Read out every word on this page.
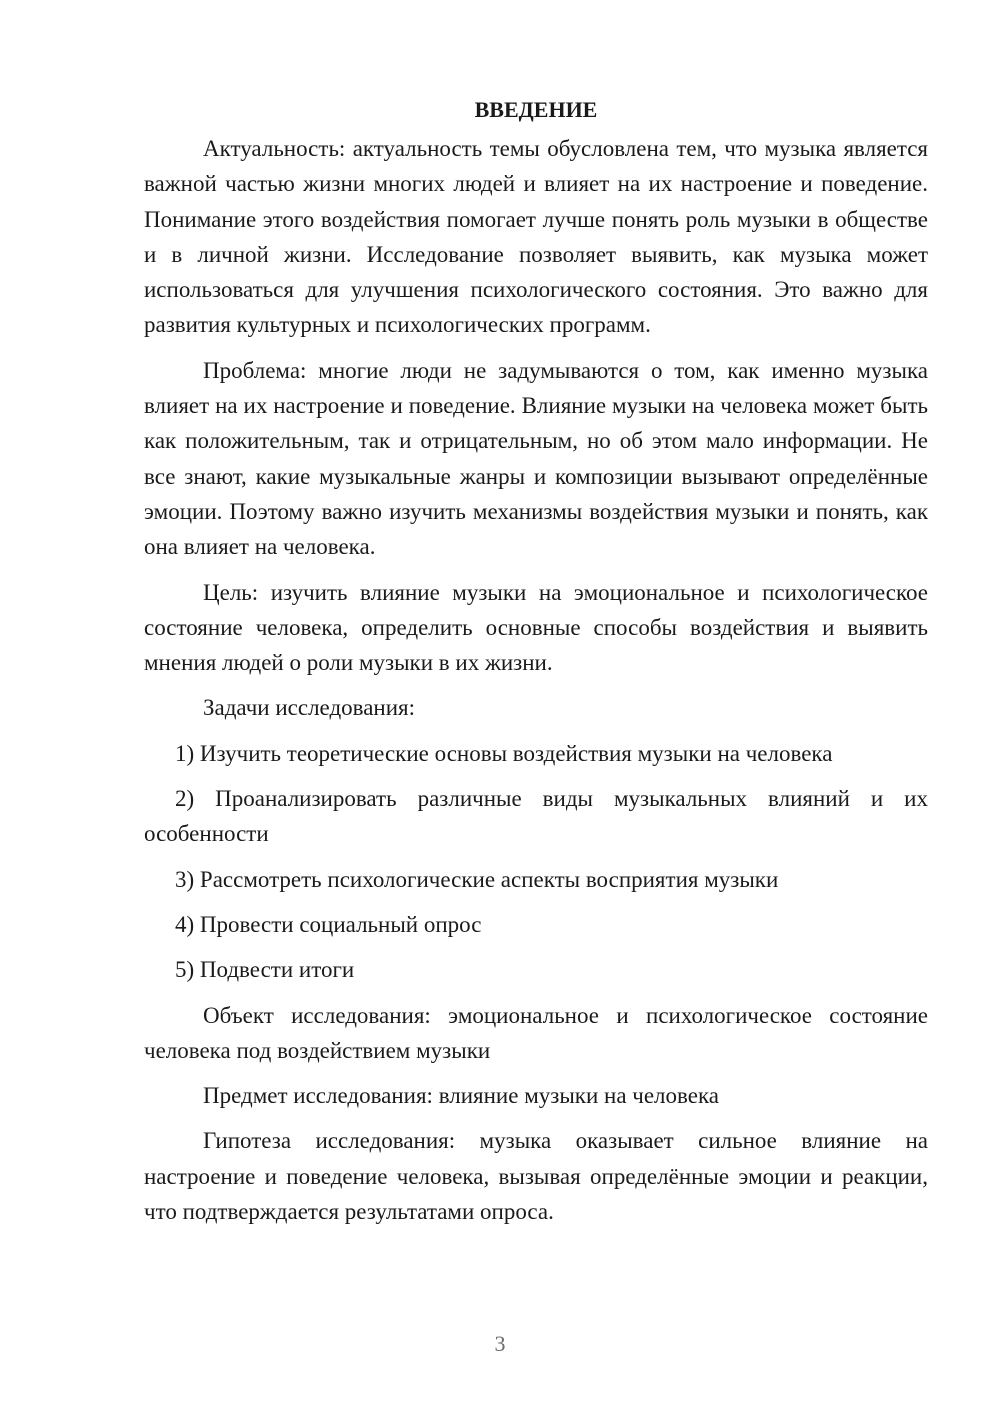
ВВЕДЕНИЕ

Актуальность: актуальность темы обусловлена тем, что музыка является важной частью жизни многих людей и влияет на их настроение и поведение. Понимание этого воздействия помогает лучше понять роль музыки в обществе и в личной жизни. Исследование позволяет выявить, как музыка может использоваться для улучшения психологического состояния. Это важно для развития культурных и психологических программ.

Проблема: многие люди не задумываются о том, как именно музыка влияет на их настроение и поведение. Влияние музыки на человека может быть как положительным, так и отрицательным, но об этом мало информации. Не все знают, какие музыкальные жанры и композиции вызывают определённые эмоции. Поэтому важно изучить механизмы воздействия музыки и понять, как она влияет на человека.

Цель: изучить влияние музыки на эмоциональное и психологическое состояние человека, определить основные способы воздействия и выявить мнения людей о роли музыки в их жизни.

Задачи исследования:

1) Изучить теоретические основы воздействия музыки на человека

2) Проанализировать различные виды музыкальных влияний и их особенности

3) Рассмотреть психологические аспекты восприятия музыки

4) Провести социальный опрос

5) Подвести итоги

Объект исследования: эмоциональное и психологическое состояние человека под воздействием музыки

Предмет исследования: влияние музыки на человека

Гипотеза исследования: музыка оказывает сильное влияние на настроение и поведение человека, вызывая определённые эмоции и реакции, что подтверждается результатами опроса.

3
